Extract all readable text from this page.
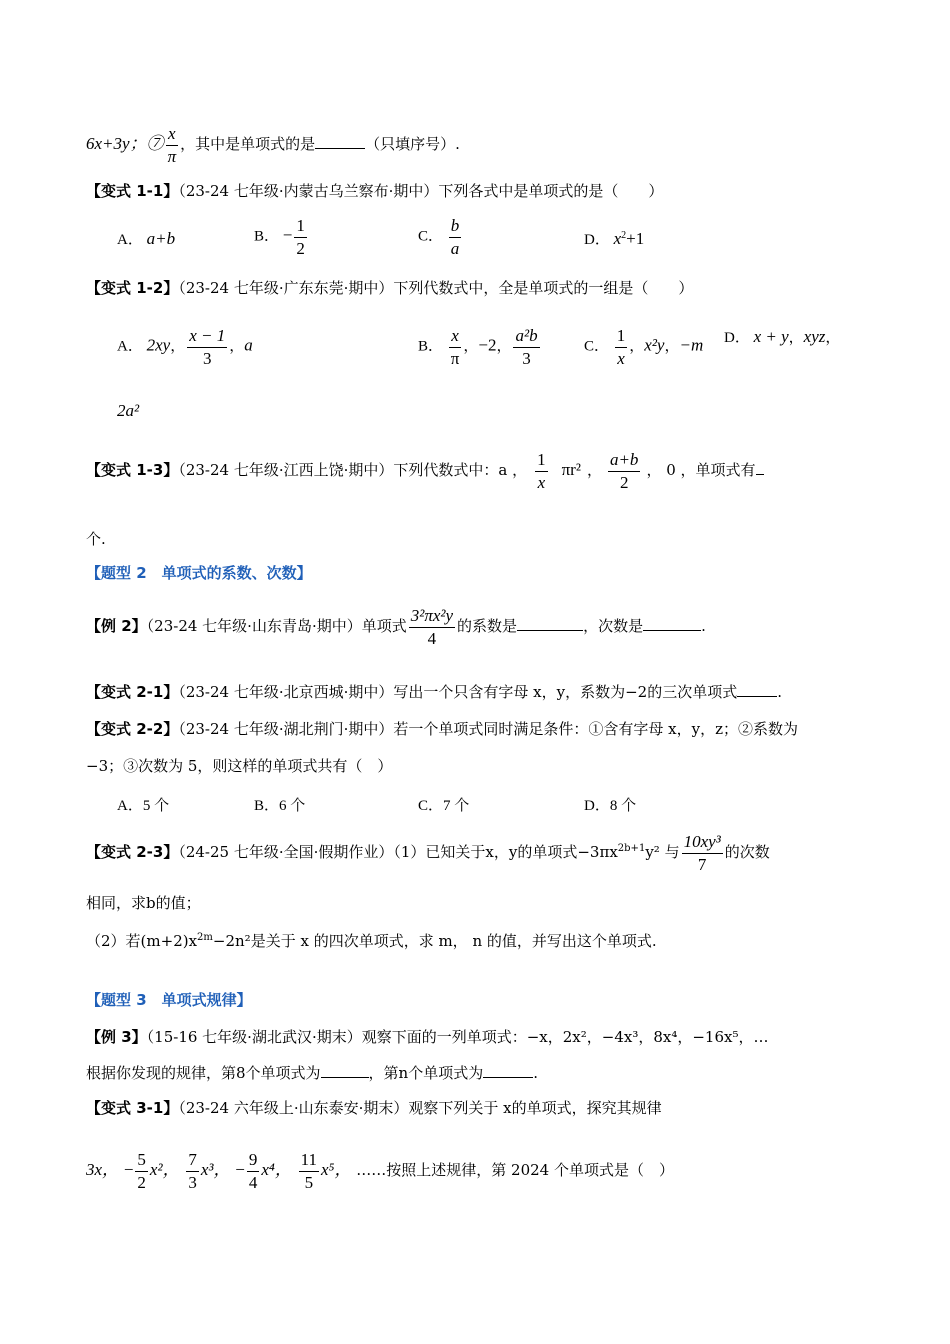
6x+3y；⑦ $\frac{x}{\pi}$ ，其中是单项式的是	（只填序号）.
【变式 1-1】（23-24 七年级·内蒙古乌兰察布·期中）下列各式中是单项式的是（　　）
A． a+b	B． − $\frac{1}{2}$	C． $\frac{b}{a}$	D． $x^2+1$
【变式 1-2】（23-24 七年级·广东东莞·期中）下列代数式中，全是单项式的一组是（　　）
A． 2xy， $\frac{x - 1}{3}$ ，a	B． $\frac{x}{\pi}$ ，−2， $\frac{\text{a²b}}{3}$	C． $\frac{1}{x}$ ，x²y，−m D． x + y，xyz，
2a²
【变式 1-3】（23-24 七年级·江西上饶·期中）下列代数式中：a ， $\frac{1}{x} \pi r^2$ ， $\frac{a+b}{2}$ ， 0 ，单项式有
个.
【题型 2　单项式的系数、次数】
【例 2】（23-24 七年级·山东青岛·期中）单项式 $\frac{\text{3²πx²y}}{4}$ 的系数是	，次数是	.
【变式 2-1】（23-24 七年级·北京西城·期中）写出一个只含有字母 x，y，系数为−2的三次单项式	.
【变式 2-2】（23-24 七年级·湖北荆门·期中）若一个单项式同时满足条件：①含有字母 x，y，z；②系数为
−3；③次数为 5，则这样的单项式共有（　）
A．5 个	B．6 个	C．7 个	D．8 个
【变式 2-3】（24-25 七年级·全国·假期作业）（1）已知关于x，y的单项式$-3\pi x^{2b+1}y^2$ 与 $\frac{\text{10xy³}}{7}$ 的次数
相同，求b的值；
（2）若$(m+2)x^{2m}-2n^2$是关于 x 的四次单项式，求 m， n 的值，并写出这个单项式.
【题型 3　单项式规律】
【例 3】（15-16 七年级·湖北武汉·期末）观察下面的一列单项式：−x，2x²，−4x³，8x⁴，−16x⁵，…
根据你发现的规律，第8个单项式为	，第n个单项式为	.
【变式 3-1】（23-24 六年级上·山东泰安·期末）观察下列关于 x的单项式，探究其规律
3x， − $\frac{5}{2} x^2$， $\frac{7}{3} x^3$， − $\frac{9}{4} x^4$， $\frac{11}{5} x^5$， ……按照上述规律，第 2024 个单项式是（　）
